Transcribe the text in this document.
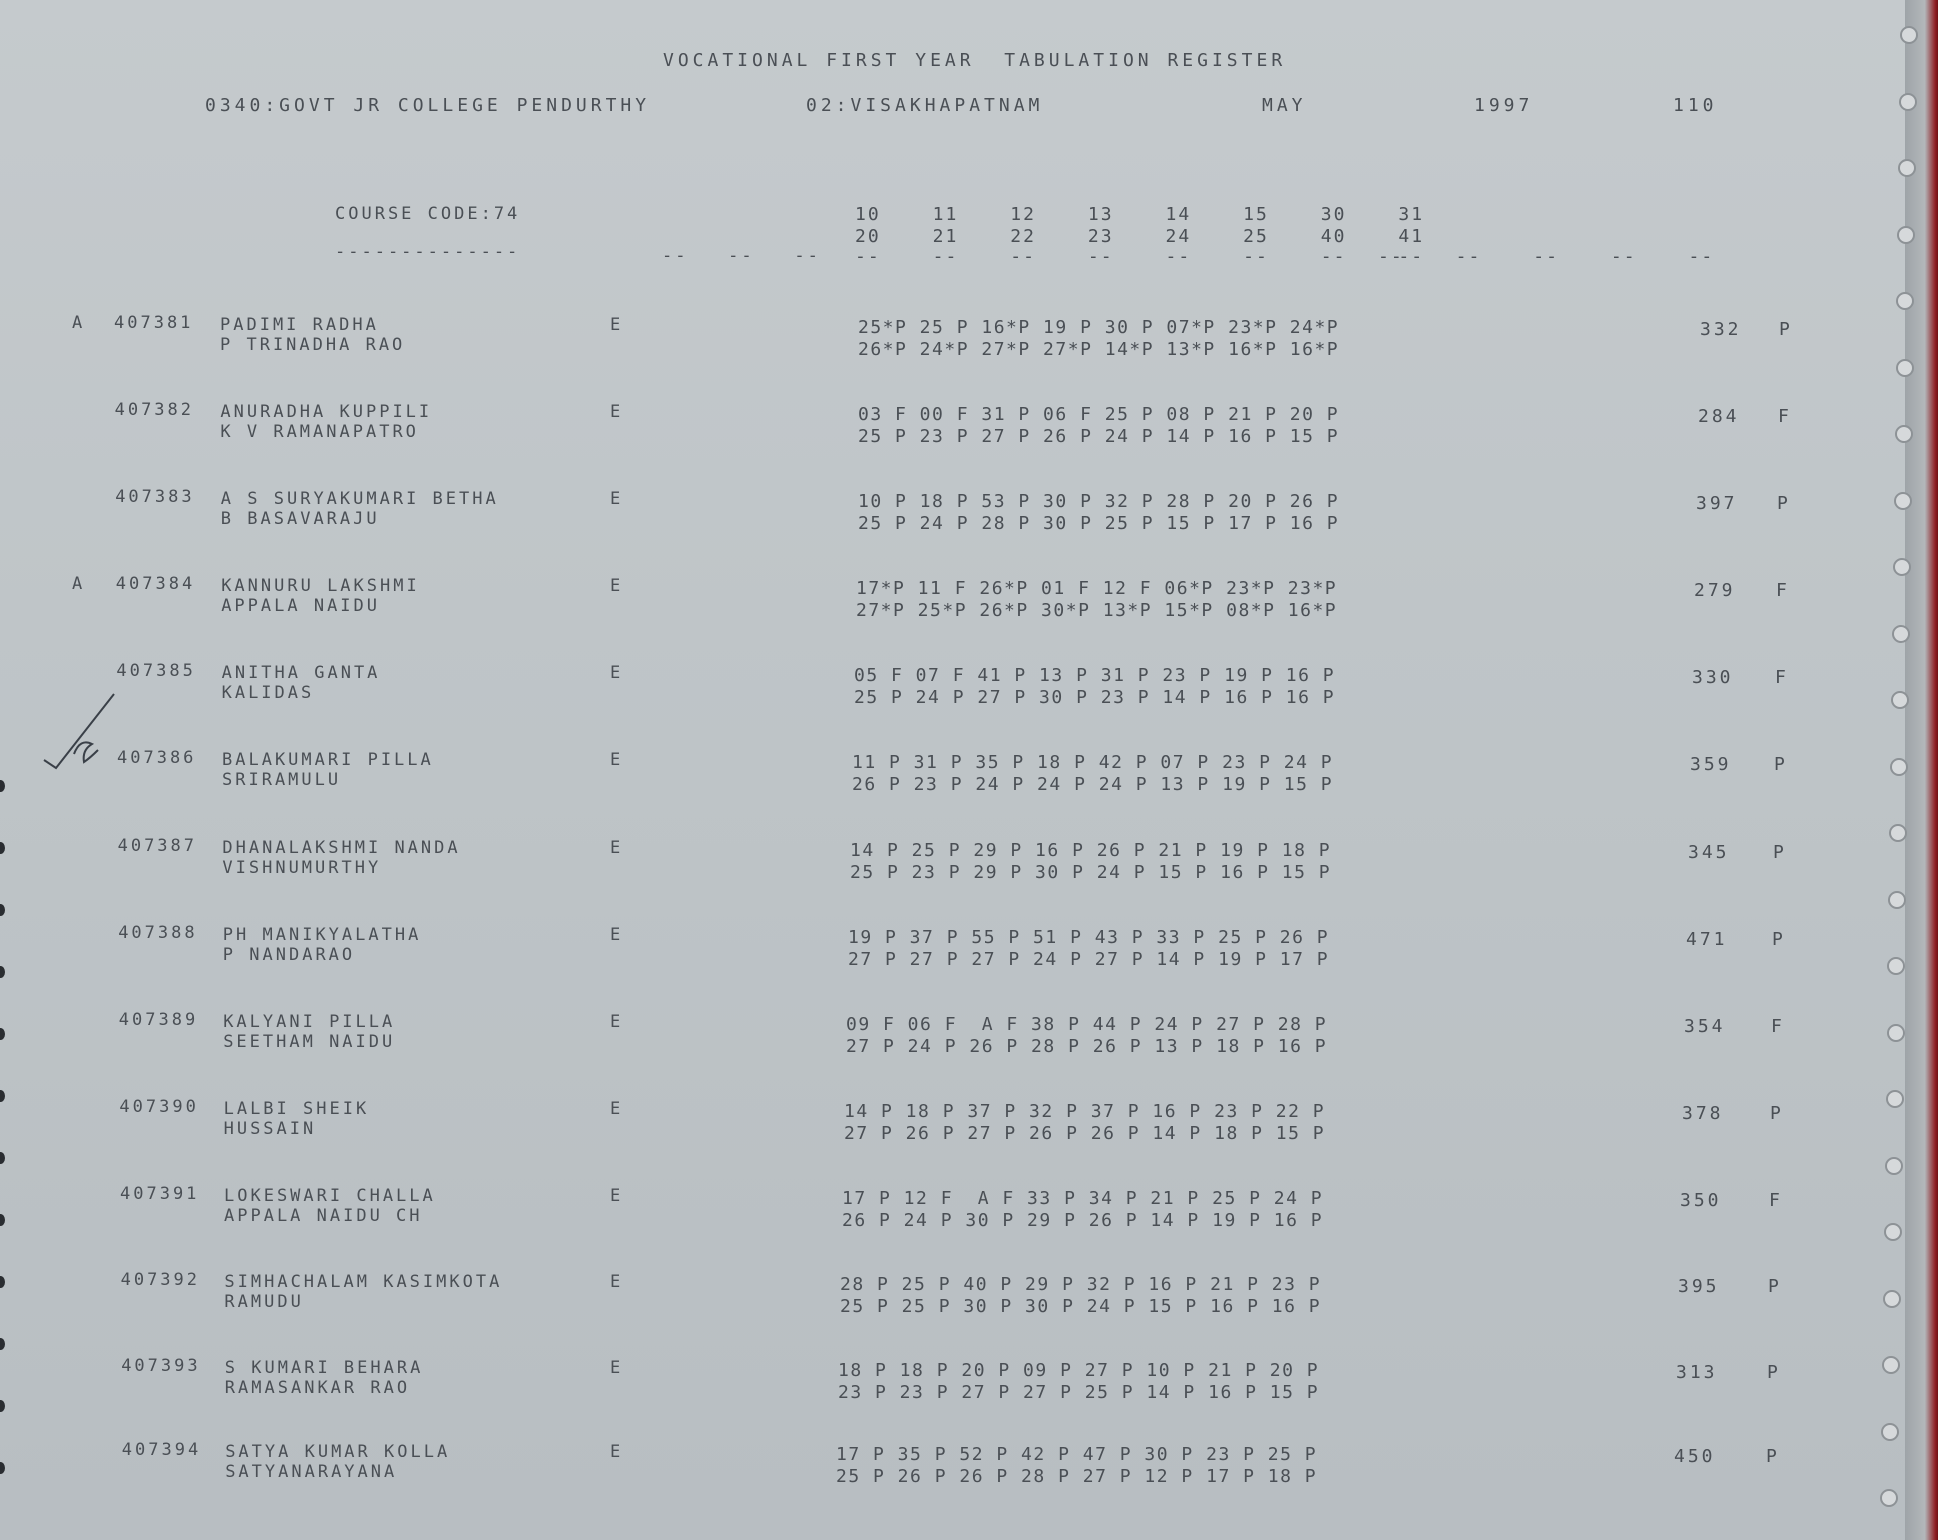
VOCATIONAL FIRST YEAR  TABULATION REGISTER
0340:GOVT JR COLLEGE PENDURTHY	02:VISAKHAPATNAM	MAY	1997	110
COURSE CODE:74
--------------
10    11    12    13    14    15    30    31
20    21    22    23    24    25    40    41
--   --   -- --    --    --    --    --    --    --    --
--    --    --    --    --
A 407381 PADIMI RADHA
P TRINADHA RAO
E	25*P 25 P 16*P 19 P 30 P 07*P 23*P 24*P
26*P 24*P 27*P 27*P 14*P 13*P 16*P 16*P
332 P
407382 ANURADHA KUPPILI
K V RAMANAPATRO
E	03 F 00 F 31 P 06 F 25 P 08 P 21 P 20 P
25 P 23 P 27 P 26 P 24 P 14 P 16 P 15 P
284 F
407383 A S SURYAKUMARI BETHA
B BASAVARAJU
E	10 P 18 P 53 P 30 P 32 P 28 P 20 P 26 P
25 P 24 P 28 P 30 P 25 P 15 P 17 P 16 P
397 P
A 407384 KANNURU LAKSHMI
APPALA NAIDU
E	17*P 11 F 26*P 01 F 12 F 06*P 23*P 23*P
27*P 25*P 26*P 30*P 13*P 15*P 08*P 16*P
279 F
407385 ANITHA GANTA
KALIDAS
E	05 F 07 F 41 P 13 P 31 P 23 P 19 P 16 P
25 P 24 P 27 P 30 P 23 P 14 P 16 P 16 P
330 F
407386 BALAKUMARI PILLA
SRIRAMULU
E	11 P 31 P 35 P 18 P 42 P 07 P 23 P 24 P
26 P 23 P 24 P 24 P 24 P 13 P 19 P 15 P
359 P
407387 DHANALAKSHMI NANDA
VISHNUMURTHY
E	14 P 25 P 29 P 16 P 26 P 21 P 19 P 18 P
25 P 23 P 29 P 30 P 24 P 15 P 16 P 15 P
345 P
407388 PH MANIKYALATHA
P NANDARAO
E	19 P 37 P 55 P 51 P 43 P 33 P 25 P 26 P
27 P 27 P 27 P 24 P 27 P 14 P 19 P 17 P
471 P
407389 KALYANI PILLA
SEETHAM NAIDU
E	09 F 06 F  A F 38 P 44 P 24 P 27 P 28 P
27 P 24 P 26 P 28 P 26 P 13 P 18 P 16 P
354	F
407390 LALBI SHEIK
HUSSAIN
E	14 P 18 P 37 P 32 P 37 P 16 P 23 P 22 P
27 P 26 P 27 P 26 P 26 P 14 P 18 P 15 P
378	P
407391 LOKESWARI CHALLA
APPALA NAIDU CH
E	17 P 12 F  A F 33 P 34 P 21 P 25 P 24 P
26 P 24 P 30 P 29 P 26 P 14 P 19 P 16 P
350	F
407392 SIMHACHALAM KASIMKOTA
RAMUDU
E	28 P 25 P 40 P 29 P 32 P 16 P 21 P 23 P
25 P 25 P 30 P 30 P 24 P 15 P 16 P 16 P
395	P
407393 S KUMARI BEHARA
RAMASANKAR RAO
E	18 P 18 P 20 P 09 P 27 P 10 P 21 P 20 P
23 P 23 P 27 P 27 P 25 P 14 P 16 P 15 P
313	P
407394 SATYA KUMAR KOLLA
SATYANARAYANA
E	17 P 35 P 52 P 42 P 47 P 30 P 23 P 25 P
25 P 26 P 26 P 28 P 27 P 12 P 17 P 18 P
450	P
